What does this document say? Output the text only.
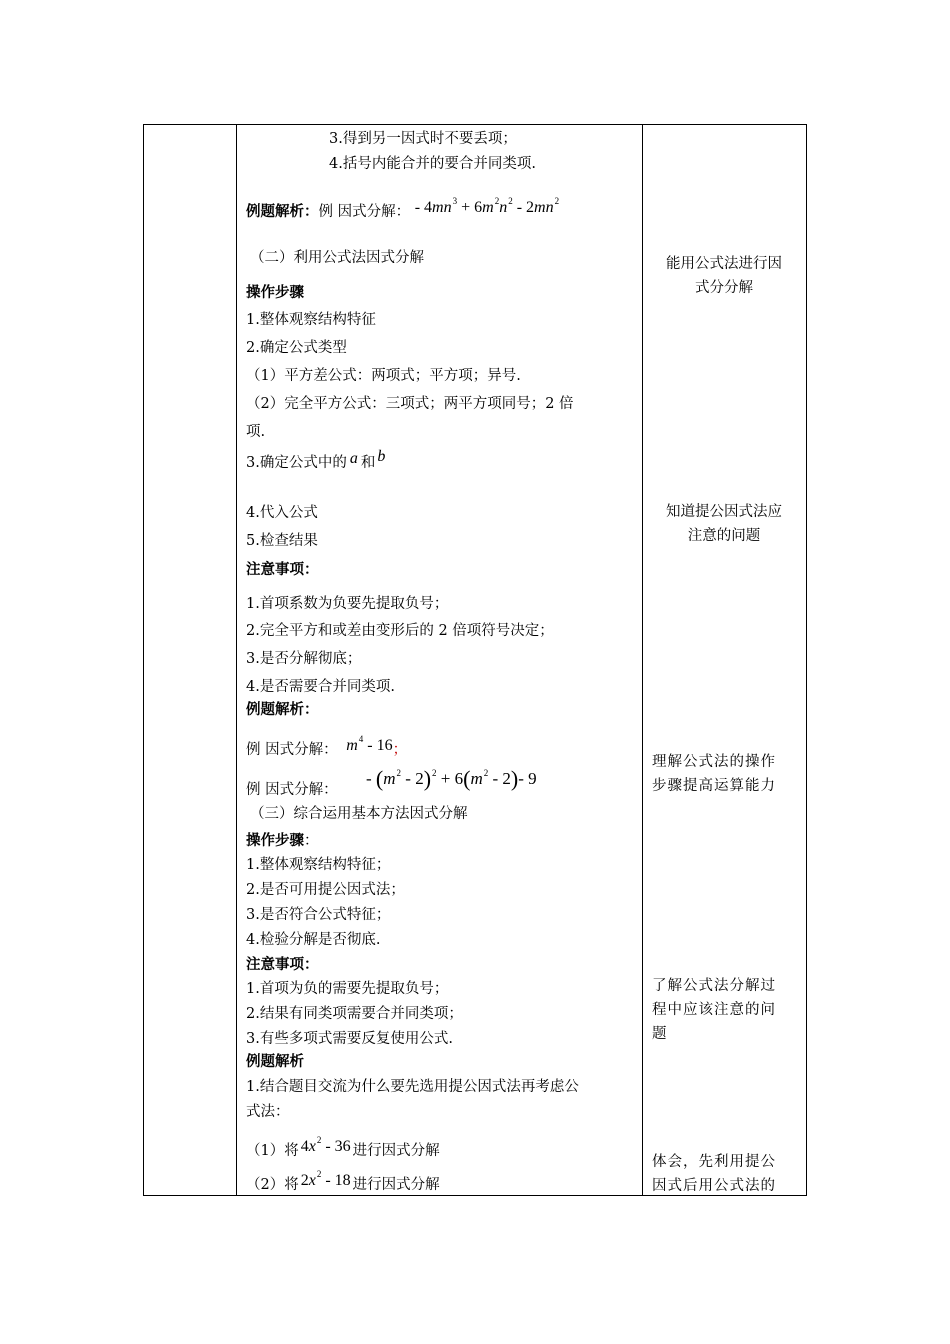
3.得到另一因式时不要丢项；
4.括号内能合并的要合并同类项.
例题解析：例 因式分解： - $4mn^3 + 6m^2n^2 - 2mn^2$
（二）利用公式法因式分解
操作步骤
1.整体观察结构特征
2.确定公式类型
（1）平方差公式：两项式；平方项；异号.
（2）完全平方公式：三项式；两平方项同号；2 倍
项.
3.确定公式中的 a 和 b
4.代入公式
5.检查结果
注意事项：
1.首项系数为负要先提取负号；
2.完全平方和或差由变形后的 2 倍项符号决定；
3.是否分解彻底；
4.是否需要合并同类项.
例题解析：
例 因式分解： $m^4 - 16$；
例 因式分解：
- $(m^2 - 2)^2 + 6(m^2 - 2)-$ 9
（三）综合运用基本方法因式分解
操作步骤：
1.整体观察结构特征；
2.是否可用提公因式法；
3.是否符合公式特征；
4.检验分解是否彻底.
注意事项：
1.首项为负的需要先提取负号；
2.结果有同类项需要合并同类项；
3.有些多项式需要反复使用公式.
例题解析
1.结合题目交流为什么要先选用提公因式法再考虑公
式法：
（1）将 $4x^2 - 36$ 进行因式分解
（2）将 $2x^2 - 18$ 进行因式分解
能用公式法进行因
式分分解
知道提公因式法应
注意的问题
理解公式法的操作
步骤提高运算能力
了解公式法分解过
程中应该注意的问
题
体会，先利用提公
因式后用公式法的
